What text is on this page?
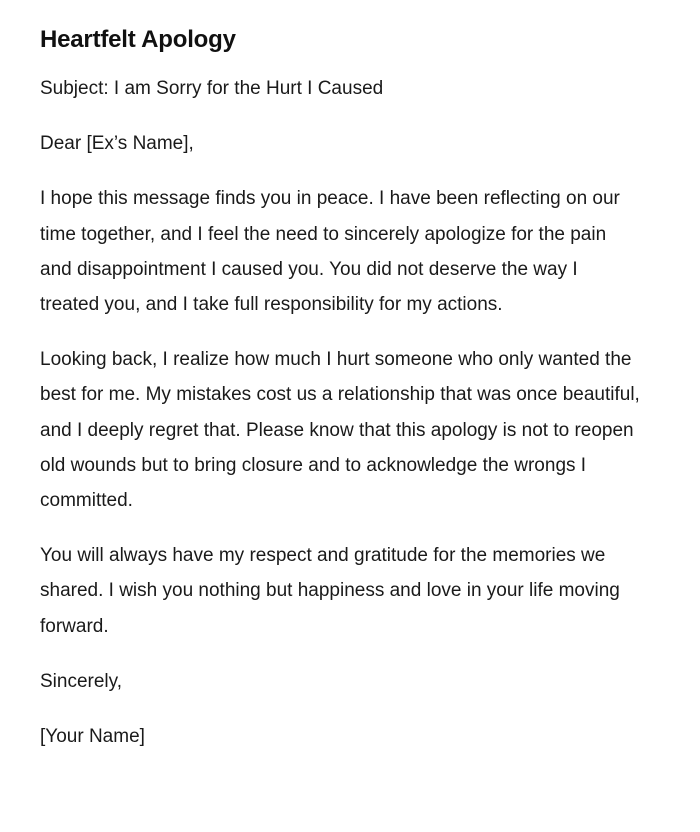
Heartfelt Apology

Subject: I am Sorry for the Hurt I Caused

Dear [Ex’s Name],

I hope this message finds you in peace. I have been reflecting on our time together, and I feel the need to sincerely apologize for the pain and disappointment I caused you. You did not deserve the way I treated you, and I take full responsibility for my actions.

Looking back, I realize how much I hurt someone who only wanted the best for me. My mistakes cost us a relationship that was once beautiful, and I deeply regret that. Please know that this apology is not to reopen old wounds but to bring closure and to acknowledge the wrongs I committed.

You will always have my respect and gratitude for the memories we shared. I wish you nothing but happiness and love in your life moving forward.

Sincerely,

[Your Name]
